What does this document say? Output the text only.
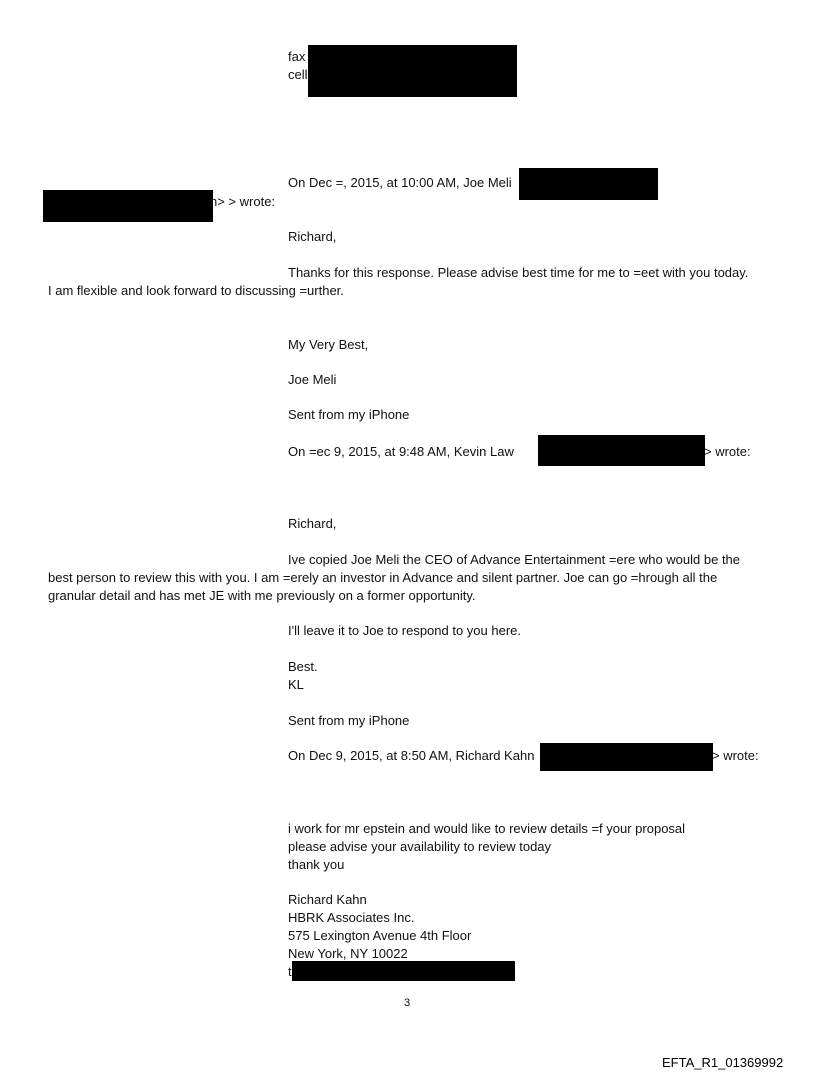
fax
cell
On Dec =, 2015, at 10:00 AM, Joe Meli
n> > wrote:
Richard,
Thanks for this response. Please advise best time for me to =eet with you today.
I am flexible and look forward to discussing =urther.
My Very Best,
Joe Meli
Sent from my iPhone
On =ec 9, 2015, at 9:48 AM, Kevin Law	> wrote:
Richard,
Ive copied Joe Meli the CEO of Advance Entertainment =ere who would be the
best person to review this with you. I am =erely an investor in Advance and silent partner. Joe can go =hrough all the
granular detail and has met JE with me previously on a former opportunity.
I'll leave it to Joe to respond to you here.
Best.
KL
Sent from my iPhone
On Dec 9, 2015, at 8:50 AM, Richard Kahn	> wrote:
i work for mr epstein and would like to review details =f your proposal
please advise your availability to review today
thank you
Richard Kahn
HBRK Associates Inc.
575 Lexington Avenue 4th Floor
New York, NY 10022
t
3
EFTA_R1_01369992
